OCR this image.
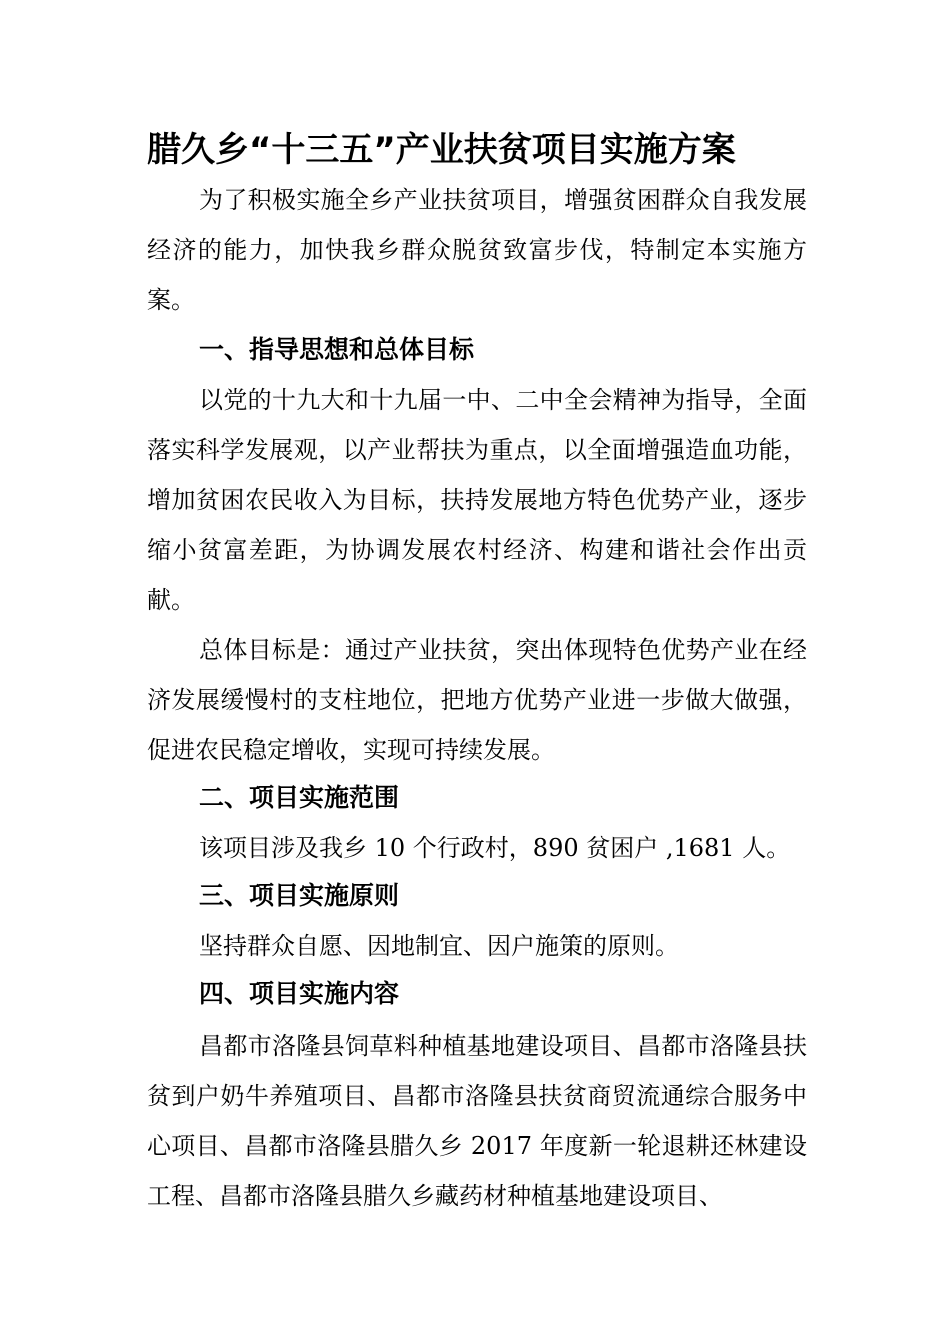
腊久乡“十三五”产业扶贫项目实施方案

为了积极实施全乡产业扶贫项目，增强贫困群众自我发展经济的能力，加快我乡群众脱贫致富步伐，特制定本实施方案。

一、指导思想和总体目标

以党的十九大和十九届一中、二中全会精神为指导，全面落实科学发展观，以产业帮扶为重点，以全面增强造血功能，增加贫困农民收入为目标，扶持发展地方特色优势产业，逐步缩小贫富差距，为协调发展农村经济、构建和谐社会作出贡献。

总体目标是：通过产业扶贫，突出体现特色优势产业在经济发展缓慢村的支柱地位，把地方优势产业进一步做大做强，促进农民稳定增收，实现可持续发展。

二、项目实施范围

该项目涉及我乡 10 个行政村，890 贫困户 ,1681 人。

三、项目实施原则

坚持群众自愿、因地制宜、因户施策的原则。

四、项目实施内容

昌都市洛隆县饲草料种植基地建设项目、昌都市洛隆县扶贫到户奶牛养殖项目、昌都市洛隆县扶贫商贸流通综合服务中心项目、昌都市洛隆县腊久乡 2017 年度新一轮退耕还林建设工程、昌都市洛隆县腊久乡藏药材种植基地建设项目、
